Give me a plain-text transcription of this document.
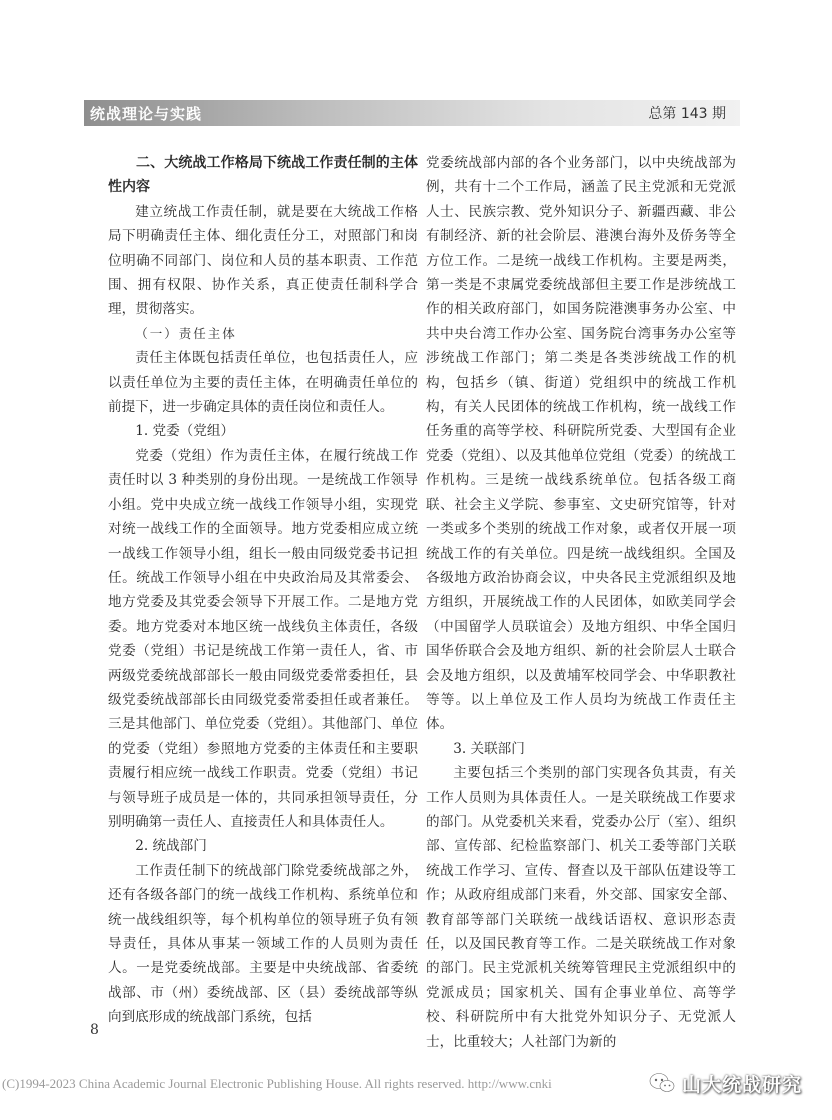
统战理论与实践	总第 143 期
二、大统战工作格局下统战工作责任制的主体性内容

建立统战工作责任制，就是要在大统战工作格局下明确责任主体、细化责任分工，对照部门和岗位明确不同部门、岗位和人员的基本职责、工作范围、拥有权限、协作关系，真正使责任制科学合理，贯彻落实。

（一）责任主体

责任主体既包括责任单位，也包括责任人，应以责任单位为主要的责任主体，在明确责任单位的前提下，进一步确定具体的责任岗位和责任人。

1. 党委（党组）

党委（党组）作为责任主体，在履行统战工作责任时以 3 种类别的身份出现。一是统战工作领导小组。党中央成立统一战线工作领导小组，实现党对统一战线工作的全面领导。地方党委相应成立统一战线工作领导小组，组长一般由同级党委书记担任。统战工作领导小组在中央政治局及其常委会、地方党委及其党委会领导下开展工作。二是地方党委。地方党委对本地区统一战线负主体责任，各级党委（党组）书记是统战工作第一责任人，省、市两级党委统战部部长一般由同级党委常委担任，县级党委统战部部长由同级党委常委担任或者兼任。三是其他部门、单位党委（党组）。其他部门、单位的党委（党组）参照地方党委的主体责任和主要职责履行相应统一战线工作职责。党委（党组）书记与领导班子成员是一体的，共同承担领导责任，分别明确第一责任人、直接责任人和具体责任人。

2. 统战部门

工作责任制下的统战部门除党委统战部之外，还有各级各部门的统一战线工作机构、系统单位和统一战线组织等，每个机构单位的领导班子负有领导责任，具体从事某一领域工作的人员则为责任人。一是党委统战部。主要是中央统战部、省委统战部、市（州）委统战部、区（县）委统战部等纵向到底形成的统战部门系统，包括

党委统战部内部的各个业务部门，以中央统战部为例，共有十二个工作局，涵盖了民主党派和无党派人士、民族宗教、党外知识分子、新疆西藏、非公有制经济、新的社会阶层、港澳台海外及侨务等全方位工作。二是统一战线工作机构。主要是两类，第一类是不隶属党委统战部但主要工作是涉统战工作的相关政府部门，如国务院港澳事务办公室、中共中央台湾工作办公室、国务院台湾事务办公室等涉统战工作部门；第二类是各类涉统战工作的机构，包括乡（镇、街道）党组织中的统战工作机构，有关人民团体的统战工作机构，统一战线工作任务重的高等学校、科研院所党委、大型国有企业党委（党组）、以及其他单位党组（党委）的统战工作机构。三是统一战线系统单位。包括各级工商联、社会主义学院、参事室、文史研究馆等，针对一类或多个类别的统战工作对象，或者仅开展一项统战工作的有关单位。四是统一战线组织。全国及各级地方政治协商会议，中央各民主党派组织及地方组织，开展统战工作的人民团体，如欧美同学会（中国留学人员联谊会）及地方组织、中华全国归国华侨联合会及地方组织、新的社会阶层人士联合会及地方组织，以及黄埔军校同学会、中华职教社等等。以上单位及工作人员均为统战工作责任主体。

3. 关联部门

主要包括三个类别的部门实现各负其责，有关工作人员则为具体责任人。一是关联统战工作要求的部门。从党委机关来看，党委办公厅（室）、组织部、宣传部、纪检监察部门、机关工委等部门关联统战工作学习、宣传、督查以及干部队伍建设等工作；从政府组成部门来看，外交部、国家安全部、教育部等部门关联统一战线话语权、意识形态责任，以及国民教育等工作。二是关联统战工作对象的部门。民主党派机关统筹管理民主党派组织中的党派成员；国家机关、国有企事业单位、高等学校、科研院所中有大批党外知识分子、无党派人士，比重较大；人社部门为新的

8
(C)1994-2023 China Academic Journal Electronic Publishing House. All rights reserved. http://www.cnki	山大统战研究
